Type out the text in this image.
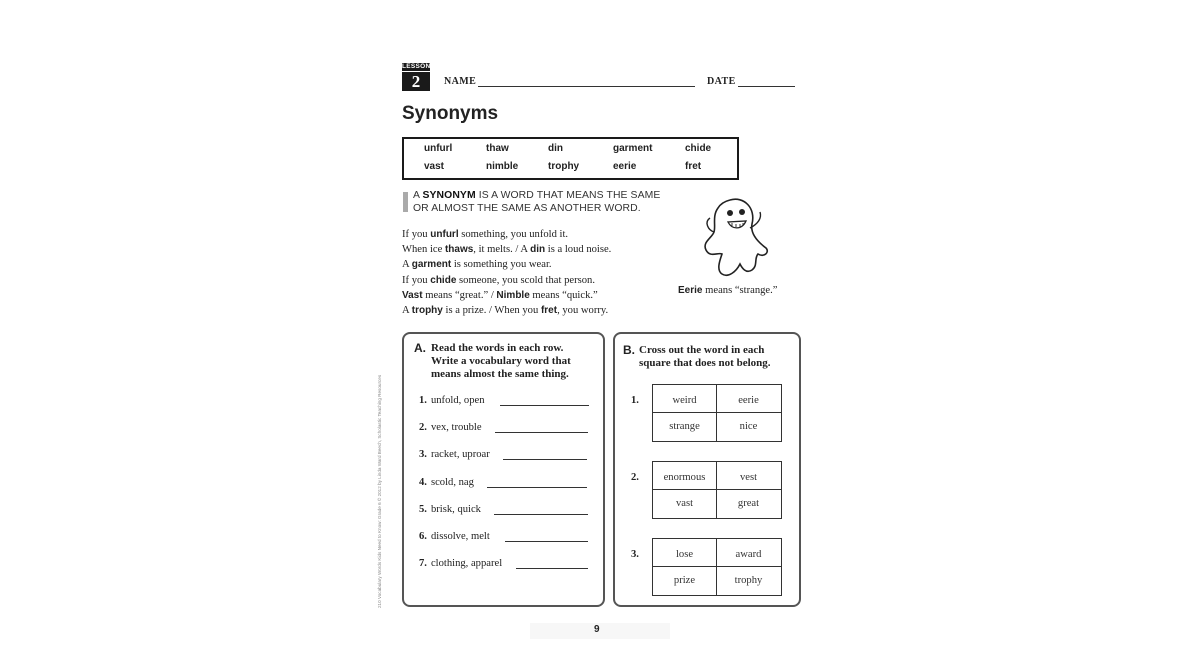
LESSON
2	NAME	DATE
Synonyms
unfurl	thaw	din	garment	chide
vast	nimble	trophy	eerie	fret
A SYNONYM IS A WORD THAT MEANS THE SAME
OR ALMOST THE SAME AS ANOTHER WORD.
If you unfurl something, you unfold it.
When ice thaws, it melts. / A din is a loud noise.
A garment is something you wear.
If you chide someone, you scold that person.
Vast means “great.” / Nimble means “quick.”
A trophy is a prize. / When you fret, you worry.
Eerie means “strange.”
A. Read the words in each row.
Write a vocabulary word that
means almost the same thing.
1. unfold, open
2. vex, trouble
3. racket, uproar
4. scold, nag
5. brisk, quick
6. dissolve, melt
7. clothing, apparel
B. Cross out the word in each
square that does not belong.
1.	weird	eerie
strange	nice
2.	enormous	vest
vast	great
3.	lose	award
prize	trophy
210 Vocabulary Words Kids Need to Know: Grade 6 © 2012 by Linda Ward Beech, Scholastic Teaching Resources
9
